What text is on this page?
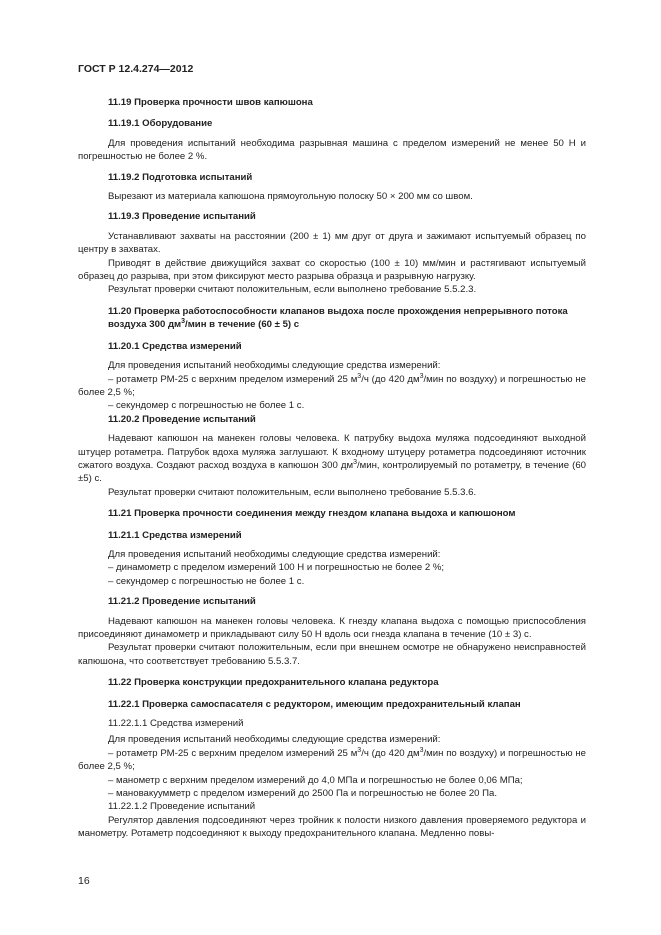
ГОСТ Р 12.4.274—2012
11.19 Проверка прочности швов капюшона
11.19.1 Оборудование

Для проведения испытаний необходима разрывная машина с пределом измерений не менее 50 Н и погрешностью не более 2 %.

11.19.2 Подготовка испытаний

Вырезают из материала капюшона прямоугольную полоску 50 × 200 мм со швом.

11.19.3 Проведение испытаний

Устанавливают захваты на расстоянии (200 ± 1) мм друг от друга и зажимают испытуемый образец по центру в захватах.

Приводят в действие движущийся захват со скоростью (100 ± 10) мм/мин и растягивают испытуемый образец до разрыва, при этом фиксируют место разрыва образца и разрывную нагрузку.

Результат проверки считают положительным, если выполнено требование 5.5.2.3.

11.20 Проверка работоспособности клапанов выдоха после прохождения непрерывного потока воздуха 300 $дм^3$/мин в течение (60 ± 5) с
11.20.1 Средства измерений

Для проведения испытаний необходимы следующие средства измерений:

– ротаметр РМ-25 с верхним пределом измерений 25 $м^3/ч$ (до 420 $дм^3$/мин по воздуху) и погрешностью не более 2,5 %;

– секундомер с погрешностью не более 1 с.

11.20.2 Проведение испытаний

Надевают капюшон на манекен головы человека. К патрубку выдоха муляжа подсоединяют выходной штуцер ротаметра. Патрубок вдоха муляжа заглушают. К входному штуцеру ротаметра подсоединяют источник сжатого воздуха. Создают расход воздуха в капюшон 300 $дм^3$/мин, контролируемый по ротаметру, в течение (60 ±5) с.

Результат проверки считают положительным, если выполнено требование 5.5.3.6.

11.21 Проверка прочности соединения между гнездом клапана выдоха и капюшоном
11.21.1 Средства измерений

Для проведения испытаний необходимы следующие средства измерений:

– динамометр с пределом измерений 100 Н и погрешностью не более 2 %;

– секундомер с погрешностью не более 1 с.

11.21.2 Проведение испытаний

Надевают капюшон на манекен головы человека. К гнезду клапана выдоха с помощью приспособления присоединяют динамометр и прикладывают силу 50 Н вдоль оси гнезда клапана в течение (10 ± 3) с.

Результат проверки считают положительным, если при внешнем осмотре не обнаружено неисправностей капюшона, что соответствует требованию 5.5.3.7.

11.22 Проверка конструкции предохранительного клапана редуктора
11.22.1 Проверка самоспасателя с редуктором, имеющим предохранительный клапан
11.22.1.1 Средства измерений

Для проведения испытаний необходимы следующие средства измерений:

– ротаметр РМ-25 с верхним пределом измерений 25 $м^3/ч$ (до 420 $дм^3$/мин по воздуху) и погрешностью не более 2,5 %;

– манометр с верхним пределом измерений до 4,0 МПа и погрешностью не более 0,06 МПа;

– мановакуумметр с пределом измерений до 2500 Па и погрешностью не более 20 Па.

11.22.1.2 Проведение испытаний

Регулятор давления подсоединяют через тройник к полости низкого давления проверяемого редуктора и манометру. Ротаметр подсоединяют к выходу предохранительного клапана. Медленно повы-

16
